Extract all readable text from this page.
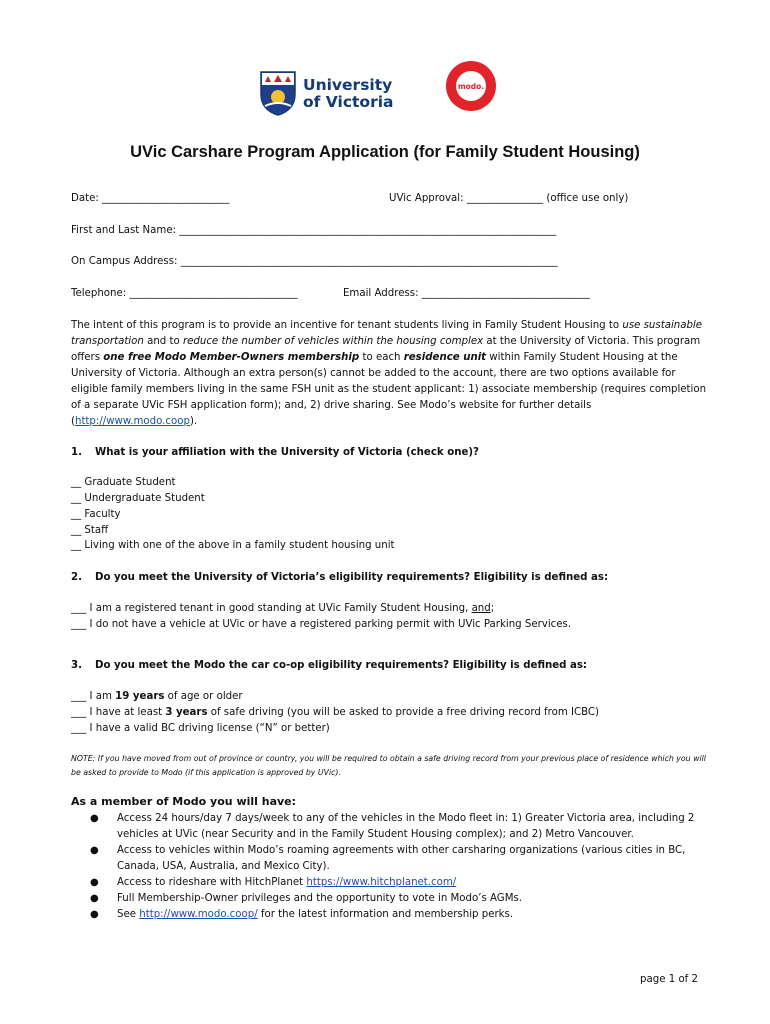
University
of Victoria
modo.
UVic Carshare Program Application (for Family Student Housing)
Date: _________________________	UVic Approval: _______________ (office use only)
First and Last Name: __________________________________________________________________________
On Campus Address: __________________________________________________________________________
Telephone: _________________________________	Email Address: _________________________________
The intent of this program is to provide an incentive for tenant students living in Family Student Housing to use sustainable transportation and to reduce the number of vehicles within the housing complex at the University of Victoria. This program offers one free Modo Member-Owners membership to each residence unit within Family Student Housing at the University of Victoria. Although an extra person(s) cannot be added to the account, there are two options available for eligible family members living in the same FSH unit as the student applicant: 1) associate membership (requires completion of a separate UVic FSH application form); and, 2) drive sharing. See Modo’s website for further details (http://www.modo.coop).
1. What is your affiliation with the University of Victoria (check one)?
__ Graduate Student
__ Undergraduate Student
__ Faculty
__ Staff
__ Living with one of the above in a family student housing unit
2. Do you meet the University of Victoria’s eligibility requirements? Eligibility is defined as:
___ I am a registered tenant in good standing at UVic Family Student Housing, and;
___ I do not have a vehicle at UVic or have a registered parking permit with UVic Parking Services.
3. Do you meet the Modo the car co-op eligibility requirements? Eligibility is defined as:
___ I am 19 years of age or older
___ I have at least 3 years of safe driving (you will be asked to provide a free driving record from ICBC)
___ I have a valid BC driving license (“N” or better)
NOTE: If you have moved from out of province or country, you will be required to obtain a safe driving record from your previous place of residence which you will be asked to provide to Modo (if this application is approved by UVic).
As a member of Modo you will have:
● Access 24 hours/day 7 days/week to any of the vehicles in the Modo fleet in: 1) Greater Victoria area, including 2 vehicles at UVic (near Security and in the Family Student Housing complex); and 2) Metro Vancouver.
● Access to vehicles within Modo’s roaming agreements with other carsharing organizations (various cities in BC, Canada, USA, Australia, and Mexico City).
● Access to rideshare with HitchPlanet https://www.hitchplanet.com/
● Full Membership-Owner privileges and the opportunity to vote in Modo’s AGMs.
● See http://www.modo.coop/ for the latest information and membership perks.
page 1 of 2
